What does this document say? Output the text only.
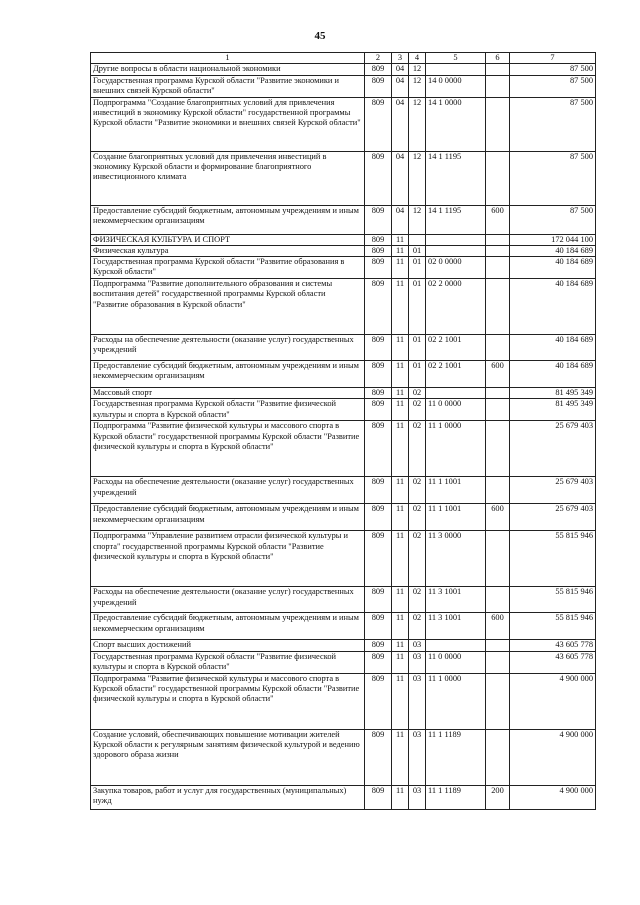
45
1	2	3	4	5	6	7
Другие вопросы в области национальной экономики	809	04	12			87 500
Государственная программа Курской области "Развитие экономики и внешних связей Курской области"	809	04	12	14 0 0000		87 500
Подпрограмма "Создание благоприятных условий для привлечения инвестиций в экономику Курской области" государственной программы Курской области "Развитие экономики и внешних связей Курской области"	809	04	12	14 1 0000		87 500
Создание благоприятных условий для привлечения инвестиций в экономику Курской области и формирование благоприятного инвестиционного климата	809	04	12	14 1 1195		87 500
Предоставление субсидий бюджетным, автономным учреждениям и иным некоммерческим организациям	809	04	12	14 1 1195	600	87 500
ФИЗИЧЕСКАЯ КУЛЬТУРА И СПОРТ	809	11				172 044 100
Физическая культура	809	11	01			40 184 689
Государственная программа Курской области "Развитие образования в Курской области"	809	11	01	02 0 0000		40 184 689
Подпрограмма "Развитие дополнительного образования и системы воспитания детей" государственной программы Курской области "Развитие образования в Курской области"	809	11	01	02 2 0000		40 184 689
Расходы на обеспечение деятельности (оказание услуг) государственных учреждений	809	11	01	02 2 1001		40 184 689
Предоставление субсидий бюджетным, автономным учреждениям и иным некоммерческим организациям	809	11	01	02 2 1001	600	40 184 689
Массовый спорт	809	11	02			81 495 349
Государственная программа Курской области "Развитие физической культуры и спорта в Курской области"	809	11	02	11 0 0000		81 495 349
Подпрограмма "Развитие физической культуры и массового спорта в Курской области" государственной программы Курской области "Развитие физической культуры и спорта в Курской области"	809	11	02	11 1 0000		25 679 403
Расходы на обеспечение деятельности (оказание услуг) государственных учреждений	809	11	02	11 1 1001		25 679 403
Предоставление субсидий бюджетным, автономным учреждениям и иным некоммерческим организациям	809	11	02	11 1 1001	600	25 679 403
Подпрограмма "Управление развитием отрасли физической культуры и спорта" государственной программы Курской области "Развитие физической культуры и спорта в Курской области"	809	11	02	11 3 0000		55 815 946
Расходы на обеспечение деятельности (оказание услуг) государственных учреждений	809	11	02	11 3 1001		55 815 946
Предоставление субсидий бюджетным, автономным учреждениям и иным некоммерческим организациям	809	11	02	11 3 1001	600	55 815 946
Спорт высших достижений	809	11	03			43 605 778
Государственная программа Курской области "Развитие физической культуры и спорта в Курской области"	809	11	03	11 0 0000		43 605 778
Подпрограмма "Развитие физической культуры и массового спорта в Курской области" государственной программы Курской области "Развитие физической культуры и спорта в Курской области"	809	11	03	11 1 0000		4 900 000
Создание условий, обеспечивающих повышение мотивации жителей Курской области к регулярным занятиям физической культурой и ведению здорового образа жизни	809	11	03	11 1 1189		4 900 000
Закупка товаров, работ и услуг для государственных (муниципальных) нужд	809	11	03	11 1 1189	200	4 900 000
